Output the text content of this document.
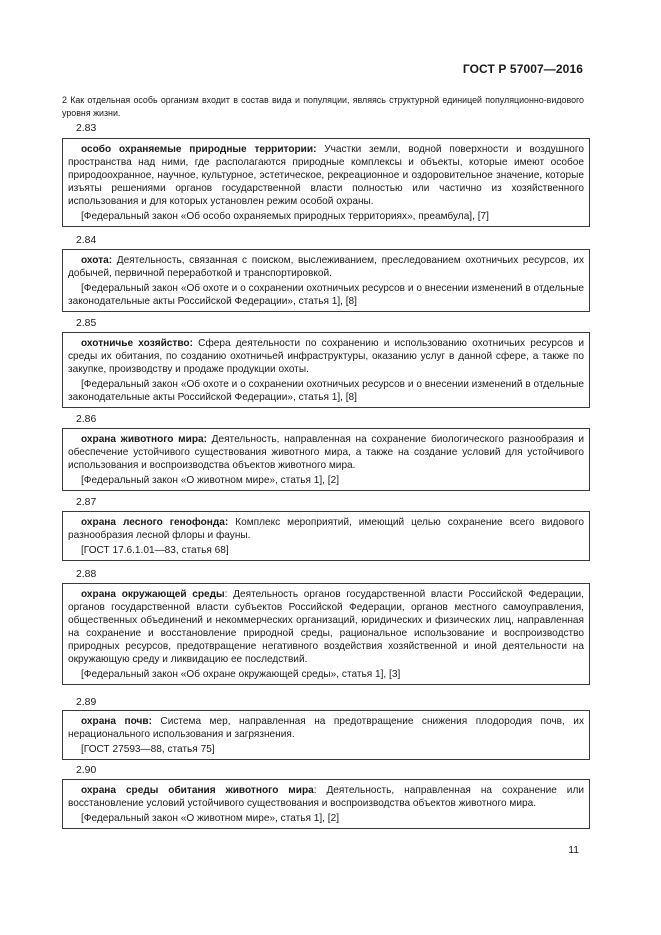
ГОСТ Р 57007—2016
2 Как отдельная особь организм входит в состав вида и популяции, являясь структурной единицей популяционно-видового уровня жизни.
2.83

особо охраняемые природные территории: Участки земли, водной поверхности и воздушного пространства над ними, где располагаются природные комплексы и объекты, которые имеют особое природоохранное, научное, культурное, эстетическое, рекреационное и оздоровительное значение, которые изъяты решениями органов государственной власти полностью или частично из хозяйственного использования и для которых установлен режим особой охраны.

[Федеральный закон «Об особо охраняемых природных территориях», преамбула], [7]

2.84

охота: Деятельность, связанная с поиском, выслеживанием, преследованием охотничьих ресурсов, их добычей, первичной переработкой и транспортировкой.

[Федеральный закон «Об охоте и о сохранении охотничьих ресурсов и о внесении изменений в отдельные законодательные акты Российской Федерации», статья 1], [8]

2.85

охотничье хозяйство: Сфера деятельности по сохранению и использованию охотничьих ресурсов и среды их обитания, по созданию охотничьей инфраструктуры, оказанию услуг в данной сфере, а также по закупке, производству и продаже продукции охоты.

[Федеральный закон «Об охоте и о сохранении охотничьих ресурсов и о внесении изменений в отдельные законодательные акты Российской Федерации», статья 1], [8]

2.86

охрана животного мира: Деятельность, направленная на сохранение биологического разнообразия и обеспечение устойчивого существования животного мира, а также на создание условий для устойчивого использования и воспроизводства объектов животного мира.

[Федеральный закон «О животном мире», статья 1], [2]

2.87

охрана лесного генофонда: Комплекс мероприятий, имеющий целью сохранение всего видового разнообразия лесной флоры и фауны.

[ГОСТ 17.6.1.01—83, статья 68]

2.88

охрана окружающей среды: Деятельность органов государственной власти Российской Федерации, органов государственной власти субъектов Российской Федерации, органов местного самоуправления, общественных объединений и некоммерческих организаций, юридических и физических лиц, направленная на сохранение и восстановление природной среды, рациональное использование и воспроизводство природных ресурсов, предотвращение негативного воздействия хозяйственной и иной деятельности на окружающую среду и ликвидацию ее последствий.

[Федеральный закон «Об охране окружающей среды», статья 1], [3]

2.89

охрана почв: Система мер, направленная на предотвращение снижения плодородия почв, их нерационального использования и загрязнения.

[ГОСТ 27593—88, статья 75]

2.90

охрана среды обитания животного мира: Деятельность, направленная на сохранение или восстановление условий устойчивого существования и воспроизводства объектов животного мира.

[Федеральный закон «О животном мире», статья 1], [2]

11
